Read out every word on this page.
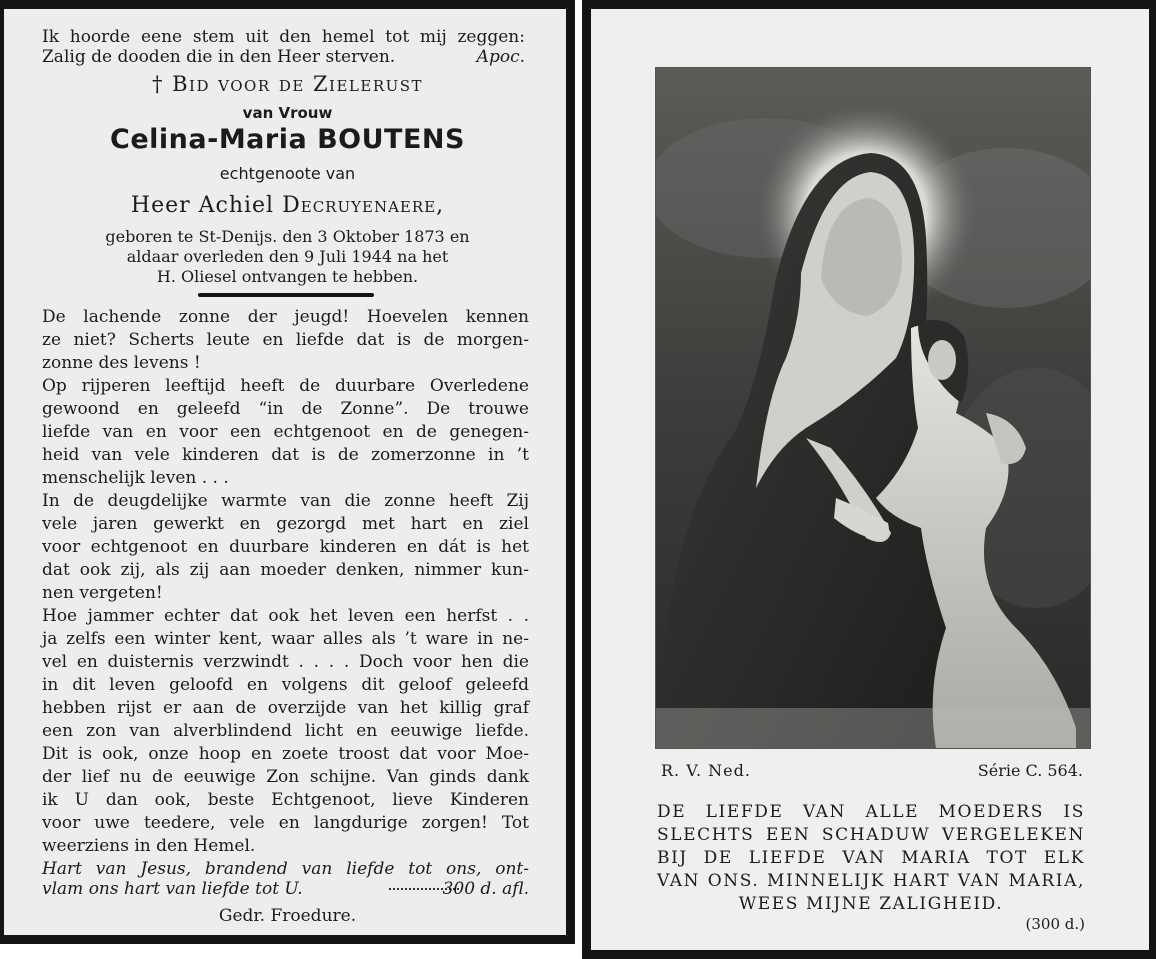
Ik hoorde eene stem uit den hemel tot mij zeggen:
Zalig de dooden die in den Heer sterven.	Apoc.
† Bid voor de Zielerust
van Vrouw
Celina-Maria BOUTENS
echtgenoote van
Heer Achiel Decruyenaere,
geboren te St-Denijs. den 3 Oktober 1873 en
aldaar overleden den 9 Juli 1944 na het
H. Oliesel ontvangen te hebben.
De lachende zonne der jeugd! Hoevelen kennen
ze niet? Scherts leute en liefde dat is de morgen-
zonne des levens !
Op rijperen leeftijd heeft de duurbare Overledene
gewoond en geleefd “in de Zonne”. De trouwe
liefde van en voor een echtgenoot en de genegen-
heid van vele kinderen dat is de zomerzonne in ’t
menschelijk leven . . .
In de deugdelijke warmte van die zonne heeft Zij
vele jaren gewerkt en gezorgd met hart en ziel
voor echtgenoot en duurbare kinderen en dát is het
dat ook zij, als zij aan moeder denken, nimmer kun-
nen vergeten!
Hoe jammer echter dat ook het leven een herfst . .
ja zelfs een winter kent, waar alles als ’t ware in ne-
vel en duisternis verzwindt . . . . Doch voor hen die
in dit leven geloofd en volgens dit geloof geleefd
hebben rijst er aan de overzijde van het killig graf
een zon van alverblindend licht en eeuwige liefde.
Dit is ook, onze hoop en zoete troost dat voor Moe-
der lief nu de eeuwige Zon schijne. Van ginds dank
ik U dan ook, beste Echtgenoot, lieve Kinderen
voor uwe teedere, vele en langdurige zorgen! Tot
weerziens in den Hemel.
Hart van Jesus, brandend van liefde tot ons, ont-
vlam ons hart van liefde tot U.	300 d. afl.
Gedr. Froedure.
R. V. Ned.	Série C. 564.
DE LIEFDE VAN ALLE MOEDERS IS
SLECHTS EEN SCHADUW VERGELEKEN
BIJ DE LIEFDE VAN MARIA TOT ELK
VAN ONS. MINNELIJK HART VAN MARIA,
WEES MIJNE ZALIGHEID.
(300 d.)
